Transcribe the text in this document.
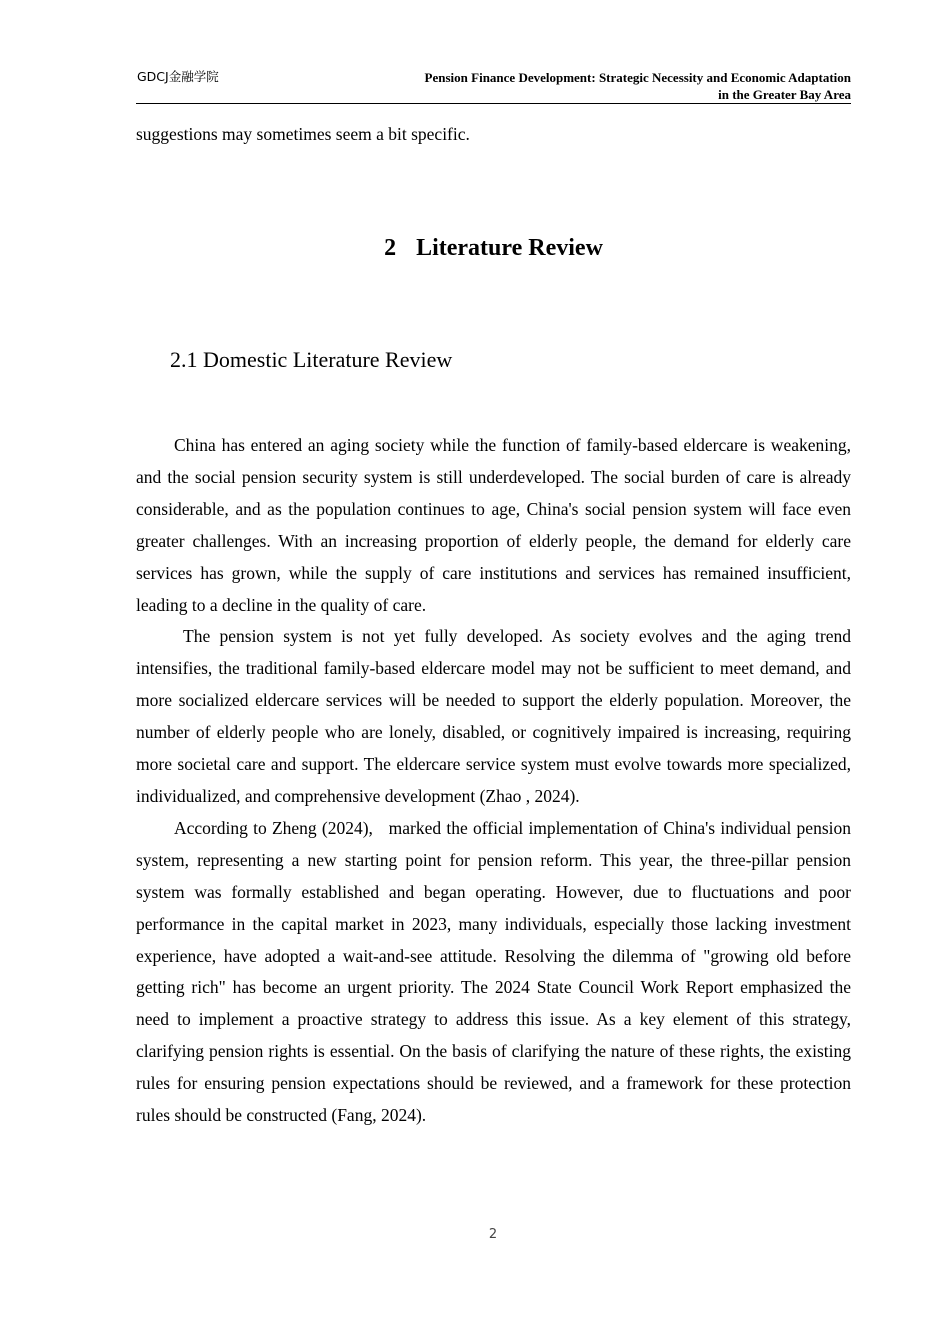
GDCJ金融学院	Pension Finance Development: Strategic Necessity and Economic Adaptation
in the Greater Bay Area
suggestions may sometimes seem a bit specific.
2 Literature Review
2.1 Domestic Literature Review

China has entered an aging society while the function of family-based eldercare is weakening, and the social pension security system is still underdeveloped. The social burden of care is already considerable, and as the population continues to age, China's social pension system will face even greater challenges. With an increasing proportion of elderly people, the demand for elderly care services has grown, while the supply of care institutions and services has remained insufficient, leading to a decline in the quality of care.

The pension system is not yet fully developed. As society evolves and the aging trend intensifies, the traditional family-based eldercare model may not be sufficient to meet demand, and more socialized eldercare services will be needed to support the elderly population. Moreover, the number of elderly people who are lonely, disabled, or cognitively impaired is increasing, requiring more societal care and support. The eldercare service system must evolve towards more specialized, individualized, and comprehensive development (Zhao , 2024).

According to Zheng (2024),   marked the official implementation of China's individual pension system, representing a new starting point for pension reform. This year, the three-pillar pension system was formally established and began operating. However, due to fluctuations and poor performance in the capital market in 2023, many individuals, especially those lacking investment experience, have adopted a wait-and-see attitude. Resolving the dilemma of "growing old before getting rich" has become an urgent priority. The 2024 State Council Work Report emphasized the need to implement a proactive strategy to address this issue. As a key element of this strategy, clarifying pension rights is essential. On the basis of clarifying the nature of these rights, the existing rules for ensuring pension expectations should be reviewed, and a framework for these protection rules should be constructed (Fang, 2024).

2
